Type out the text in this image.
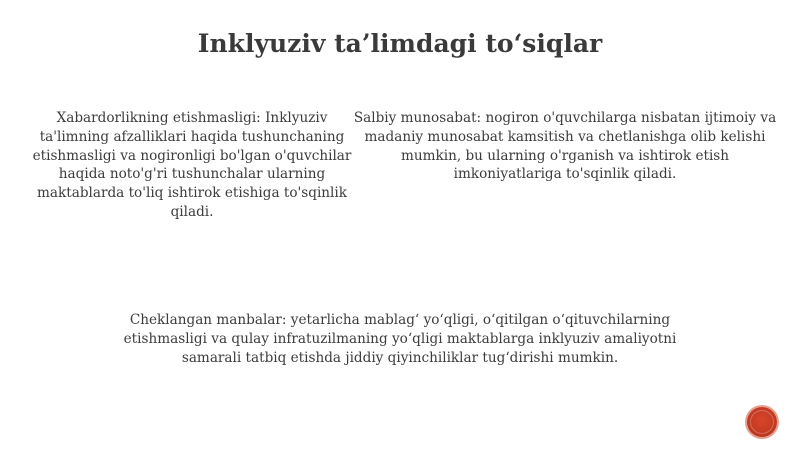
Inklyuziv ta’limdagi to‘siqlar
Xabardorlikning etishmasligi: Inklyuziv ta'limning afzalliklari haqida tushunchaning etishmasligi va nogironligi bo'lgan o'quvchilar haqida noto'g'ri tushunchalar ularning maktablarda to'liq ishtirok etishiga to'sqinlik qiladi.
Salbiy munosabat: nogiron o'quvchilarga nisbatan ijtimoiy va madaniy munosabat kamsitish va chetlanishga olib kelishi mumkin, bu ularning o'rganish va ishtirok etish imkoniyatlariga to'sqinlik qiladi.
Cheklangan manbalar: yetarlicha mablag‘ yo‘qligi, o‘qitilgan o‘qituvchilarning etishmasligi va qulay infratuzilmaning yo‘qligi maktablarga inklyuziv amaliyotni samarali tatbiq etishda jiddiy qiyinchiliklar tug‘dirishi mumkin.
